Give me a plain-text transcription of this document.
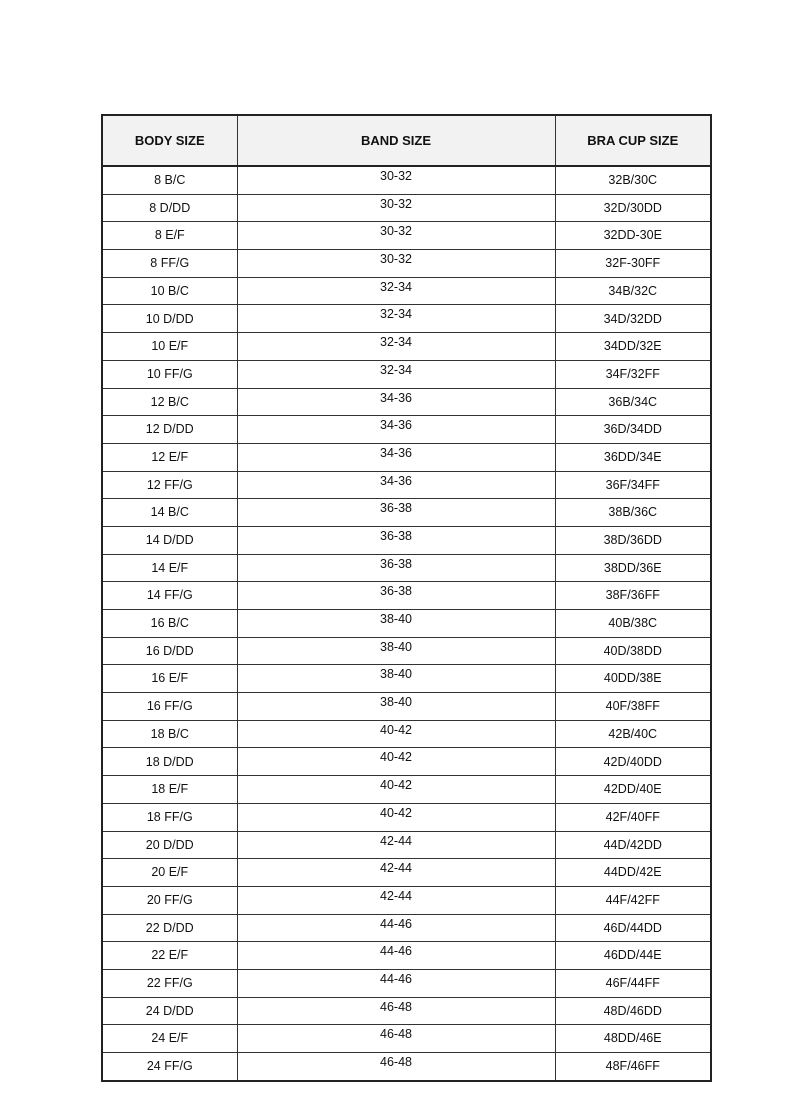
BODY SIZE	BAND SIZE	BRA CUP SIZE
8 B/C	30-32	32B/30C
8 D/DD	30-32	32D/30DD
8 E/F	30-32	32DD-30E
8 FF/G	30-32	32F-30FF
10 B/C	32-34	34B/32C
10 D/DD	32-34	34D/32DD
10 E/F	32-34	34DD/32E
10 FF/G	32-34	34F/32FF
12 B/C	34-36	36B/34C
12 D/DD	34-36	36D/34DD
12 E/F	34-36	36DD/34E
12 FF/G	34-36	36F/34FF
14 B/C	36-38	38B/36C
14 D/DD	36-38	38D/36DD
14 E/F	36-38	38DD/36E
14 FF/G	36-38	38F/36FF
16 B/C	38-40	40B/38C
16 D/DD	38-40	40D/38DD
16 E/F	38-40	40DD/38E
16 FF/G	38-40	40F/38FF
18 B/C	40-42	42B/40C
18 D/DD	40-42	42D/40DD
18 E/F	40-42	42DD/40E
18 FF/G	40-42	42F/40FF
20 D/DD	42-44	44D/42DD
20 E/F	42-44	44DD/42E
20 FF/G	42-44	44F/42FF
22 D/DD	44-46	46D/44DD
22 E/F	44-46	46DD/44E
22 FF/G	44-46	46F/44FF
24 D/DD	46-48	48D/46DD
24 E/F	46-48	48DD/46E
24 FF/G	46-48	48F/46FF
